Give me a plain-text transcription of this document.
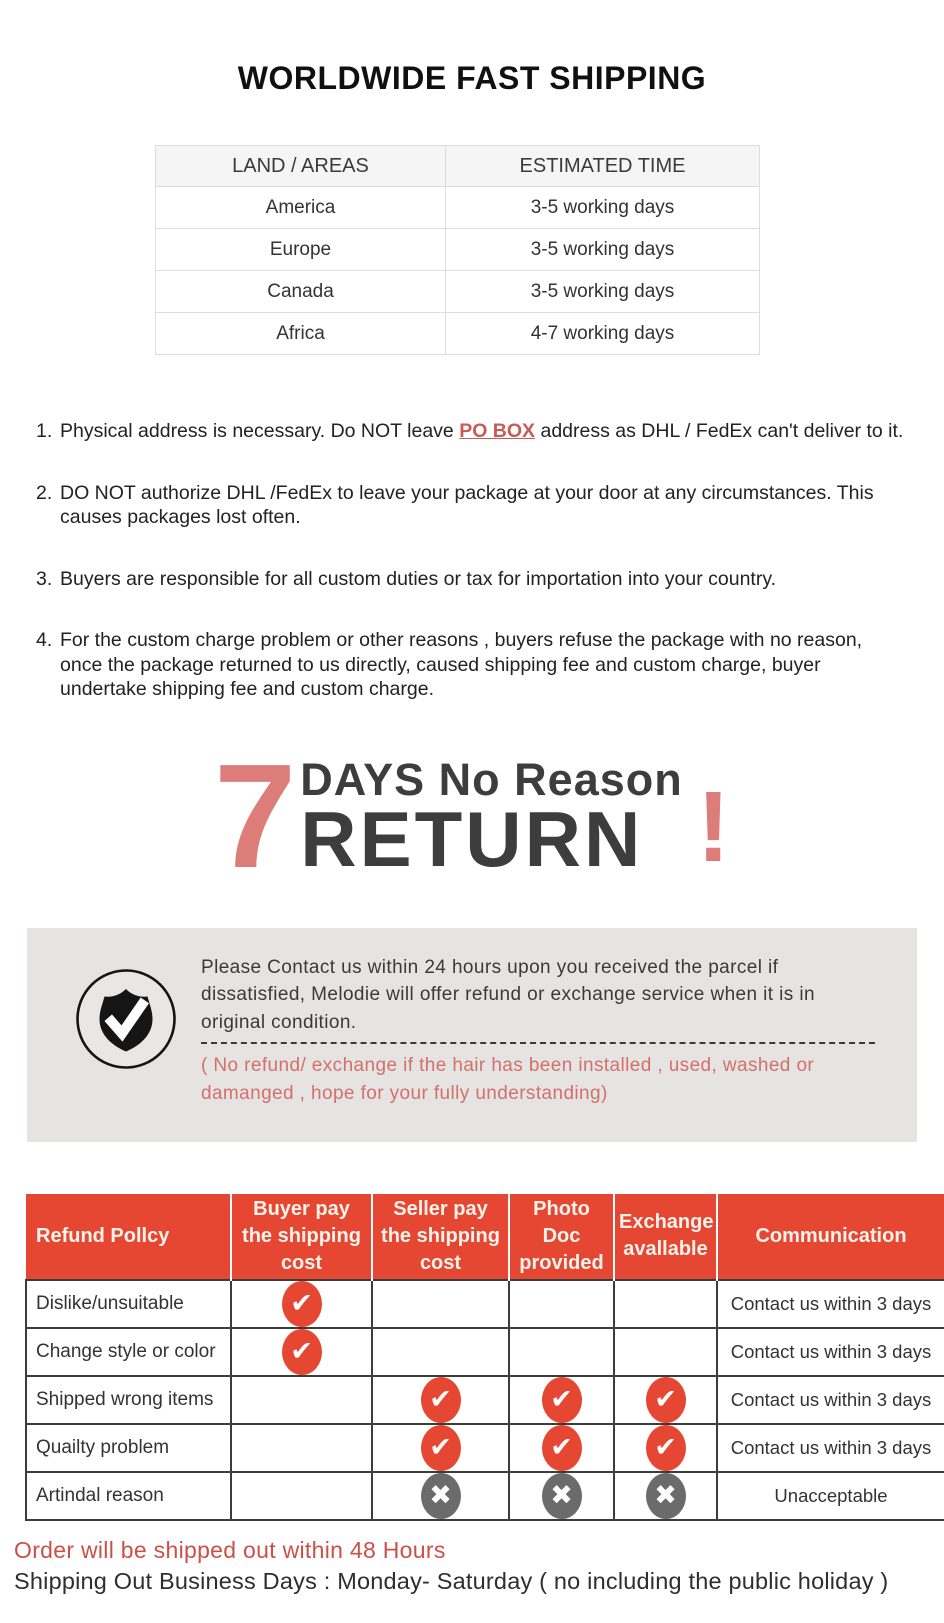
WORLDWIDE FAST SHIPPING
LAND / AREAS	ESTIMATED TIME
America	3-5 working days
Europe	3-5 working days
Canada	3-5 working days
Africa	4-7 working days
1. Physical address is necessary. Do NOT leave PO BOX address as DHL / FedEx can't deliver to it.
2. DO NOT authorize DHL /FedEx to leave your package at your door at any circumstances. This causes packages lost often.
3. Buyers are responsible for all custom duties or tax for importation into your country.
4. For the custom charge problem or other reasons , buyers refuse the package with no reason, once the package returned to us directly, caused shipping fee and custom charge, buyer undertake shipping fee and custom charge.
7 DAYS No Reason
RETURN !
Please Contact us within 24 hours upon you received the parcel if dissatisfied, Melodie will offer refund or exchange service when it is in original condition.
( No refund/ exchange if the hair has been installed , used, washed or damanged , hope for your fully understanding)
Refund Pollcy	Buyer pay the shipping cost	Seller pay the shipping cost	Photo Doc provided	Exchange avallable	Communication
Dislike/unsuitable	✔				Contact us within 3 days
Change style or color	✔				Contact us within 3 days
Shipped wrong items		✔	✔	✔	Contact us within 3 days
Quailty problem		✔	✔	✔	Contact us within 3 days
Artindal reason		✖	✖	✖	Unacceptable
Order will be shipped out within 48 Hours
Shipping Out Business Days : Monday- Saturday ( no including the public holiday )
